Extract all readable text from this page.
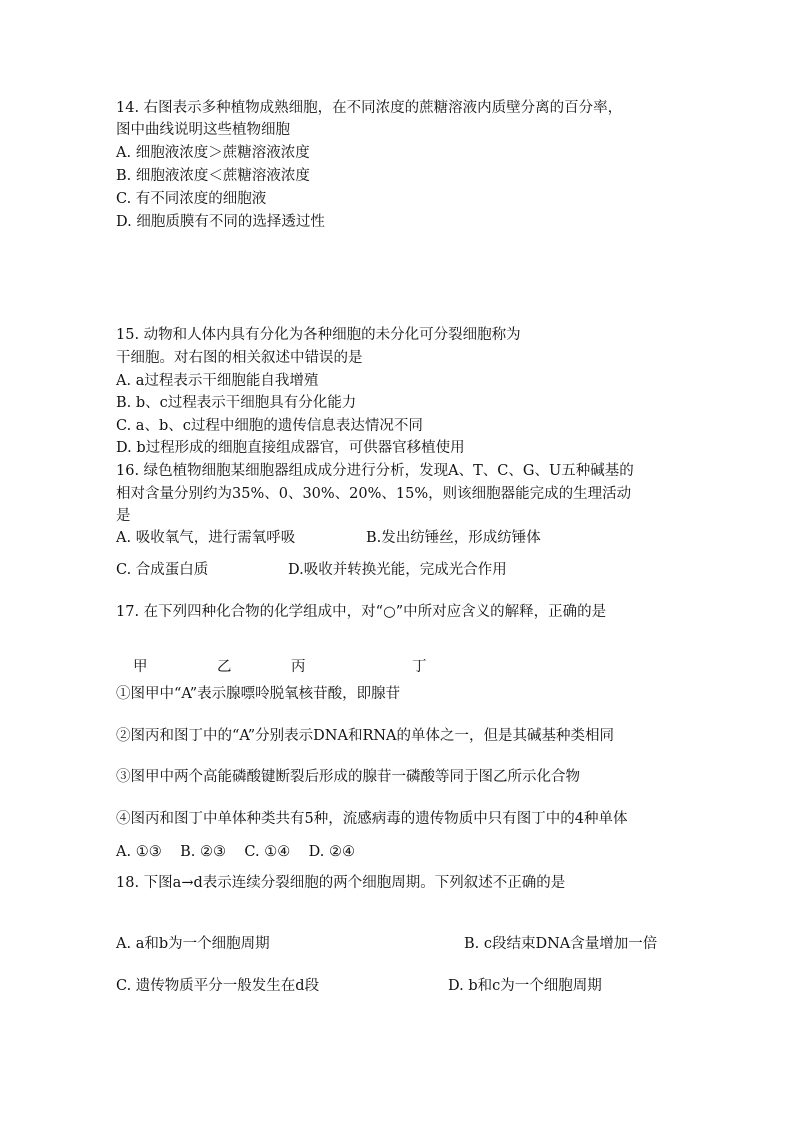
14. 右图表示多种植物成熟细胞，在不同浓度的蔗糖溶液内质壁分离的百分率，
图中曲线说明这些植物细胞
A. 细胞液浓度＞蔗糖溶液浓度
B. 细胞液浓度＜蔗糖溶液浓度
C. 有不同浓度的细胞液
D. 细胞质膜有不同的选择透过性
15. 动物和人体内具有分化为各种细胞的未分化可分裂细胞称为
干细胞。对右图的相关叙述中错误的是
A. a过程表示干细胞能自我增殖
B. b、c过程表示干细胞具有分化能力
C. a、b、c过程中细胞的遗传信息表达情况不同
D. b过程形成的细胞直接组成器官，可供器官移植使用
16. 绿色植物细胞某细胞器组成成分进行分析，发现A、T、C、G、U五种碱基的
相对含量分别约为35%、0、30%、20%、15%，则该细胞器能完成的生理活动
是
A. 吸收氧气，进行需氧呼吸	B.发出纺锤丝，形成纺锤体
C. 合成蛋白质	D.吸收并转换光能，完成光合作用
17. 在下列四种化合物的化学组成中，对“○”中所对应含义的解释，正确的是
甲	乙	丙	丁
①图甲中“A”表示腺嘌呤脱氧核苷酸，即腺苷
②图丙和图丁中的“A”分别表示DNA和RNA的单体之一，但是其碱基种类相同
③图甲中两个高能磷酸键断裂后形成的腺苷一磷酸等同于图乙所示化合物
④图丙和图丁中单体种类共有5种，流感病毒的遗传物质中只有图丁中的4种单体
A. ①③    B. ②③    C. ①④    D. ②④
18. 下图a→d表示连续分裂细胞的两个细胞周期。下列叙述不正确的是
A. a和b为一个细胞周期	B. c段结束DNA含量增加一倍
C. 遗传物质平分一般发生在d段	D. b和c为一个细胞周期
